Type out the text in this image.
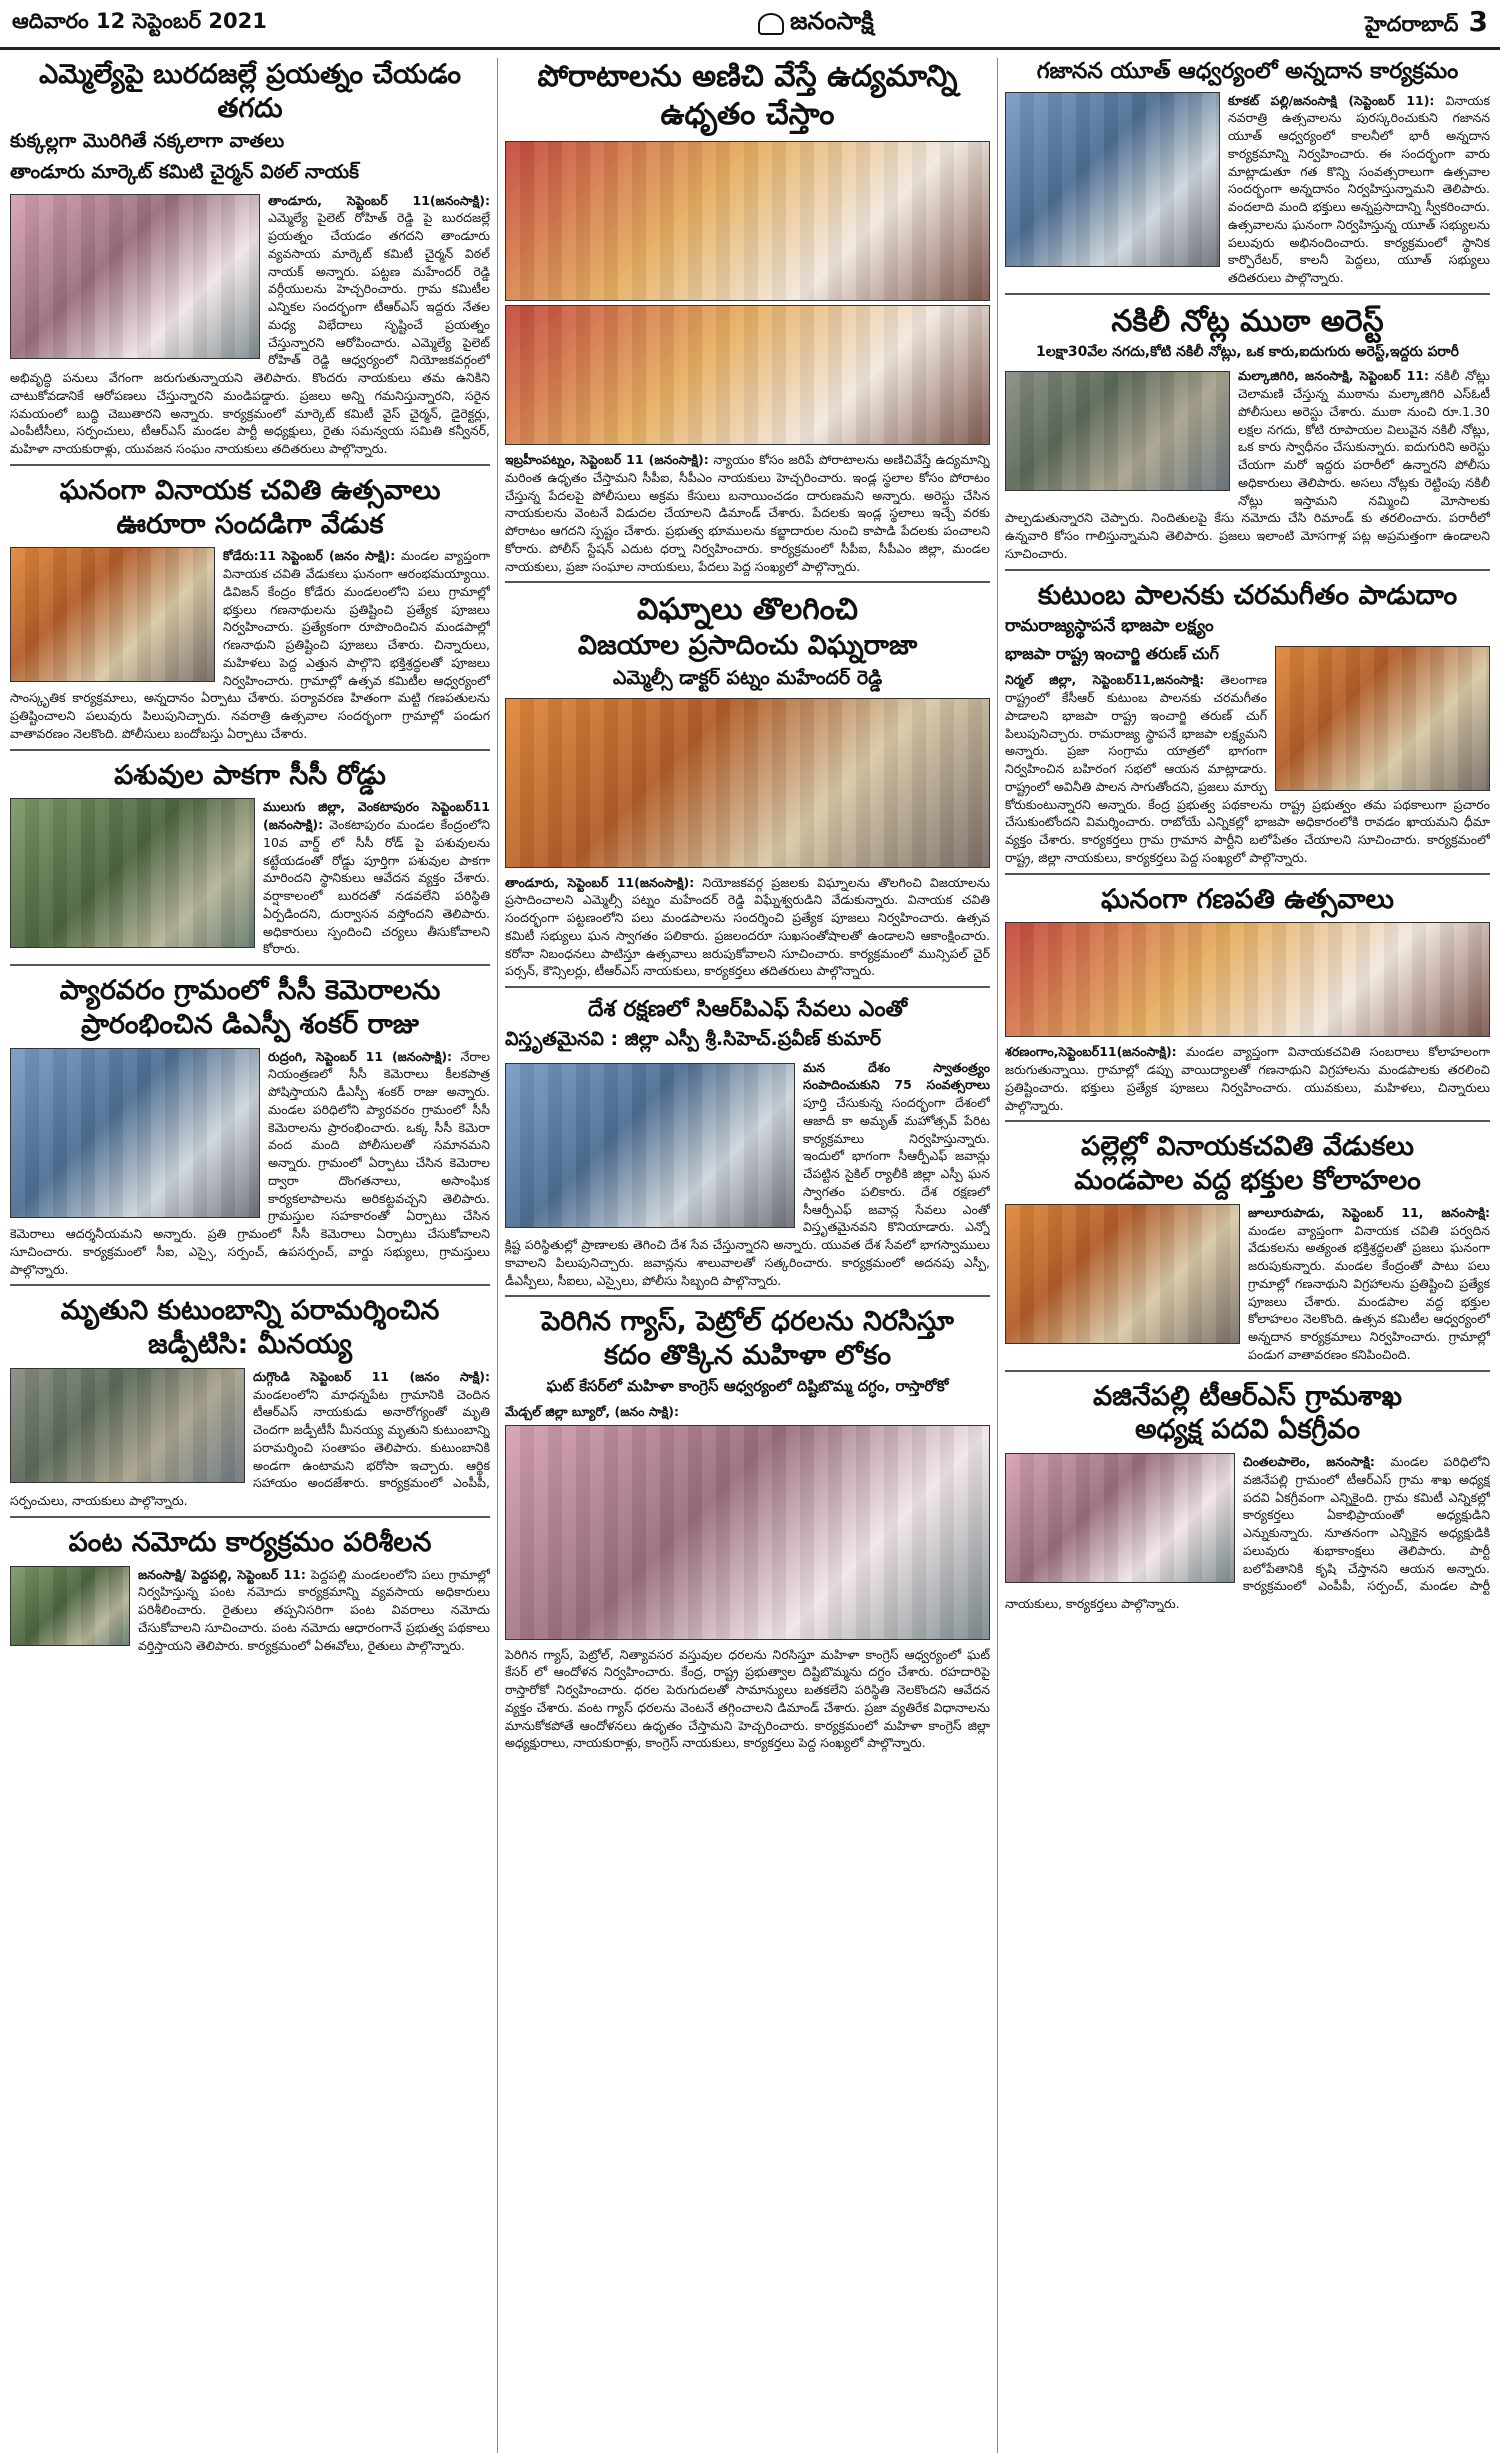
ఆదివారం 12 సెప్టెంబర్ 2021	జనంసాక్షి	హైదరాబాద్ 3
ఎమ్మెల్యేపై బురదజల్లే ప్రయత్నం చేయడం తగదు
కుక్కల్లగా మొరిగితే నక్కలాగా వాతలు
తాండూరు మార్కెట్ కమిటి చైర్మన్ విఠల్ నాయక్

తాండూరు, సెప్టెంబర్ 11(జనంసాక్షి): ఎమ్మెల్యే పైలెట్ రోహిత్ రెడ్డి పై బురదజల్లే ప్రయత్నం చేయడం తగదని తాండూరు వ్యవసాయ మార్కెట్ కమిటీ చైర్మన్ విఠల్ నాయక్ అన్నారు. పట్టణ మహేందర్ రెడ్డి వర్గీయులను హెచ్చరించారు. గ్రామ కమిటీల ఎన్నికల సందర్భంగా టీఆర్ఎస్ ఇద్దరు నేతల మధ్య విభేదాలు సృష్టించే ప్రయత్నం చేస్తున్నారని ఆరోపించారు. ఎమ్మెల్యే పైలెట్ రోహిత్ రెడ్డి ఆధ్వర్యంలో నియోజకవర్గంలో అభివృద్ధి పనులు వేగంగా జరుగుతున్నాయని తెలిపారు. కొందరు నాయకులు తమ ఉనికిని చాటుకోవడానికే ఆరోపణలు చేస్తున్నారని మండిపడ్డారు. ప్రజలు అన్ని గమనిస్తున్నారని, సరైన సమయంలో బుద్ధి చెబుతారని అన్నారు. కార్యక్రమంలో మార్కెట్ కమిటీ వైస్ చైర్మన్, డైరెక్టర్లు, ఎంపీటీసీలు, సర్పంచులు, టీఆర్ఎస్ మండల పార్టీ అధ్యక్షులు, రైతు సమన్వయ సమితి కన్వీనర్, మహిళా నాయకురాళ్లు, యువజన సంఘం నాయకులు తదితరులు పాల్గొన్నారు.

ఘనంగా వినాయక చవితి ఉత్సవాలు
ఊరూరా సందడిగా వేడుక

కోడేరు:11 సెప్టెంబర్ (జనం సాక్షి): మండల వ్యాప్తంగా వినాయక చవితి వేడుకలు ఘనంగా ఆరంభమయ్యాయి. డివిజన్ కేంద్రం కోడేరు మండలంలోని పలు గ్రామాల్లో భక్తులు గణనాథులను ప్రతిష్టించి ప్రత్యేక పూజలు నిర్వహించారు. ప్రత్యేకంగా రూపొందించిన మండపాల్లో గణనాథుని ప్రతిష్టించి పూజలు చేశారు. చిన్నారులు, మహిళలు పెద్ద ఎత్తున పాల్గొని భక్తిశ్రద్ధలతో పూజలు నిర్వహించారు. గ్రామాల్లో ఉత్సవ కమిటీల ఆధ్వర్యంలో సాంస్కృతిక కార్యక్రమాలు, అన్నదానం ఏర్పాటు చేశారు. పర్యావరణ హితంగా మట్టి గణపతులను ప్రతిష్టించాలని పలువురు పిలుపునిచ్చారు. నవరాత్రి ఉత్సవాల సందర్భంగా గ్రామాల్లో పండుగ వాతావరణం నెలకొంది. పోలీసులు బందోబస్తు ఏర్పాటు చేశారు.

పశువుల పాకగా సీసీ రోడ్డు

ములుగు జిల్లా, వెంకటాపురం సెప్టెంబర్11 (జనంసాక్షి): వెంకటాపురం మండల కేంద్రంలోని 10వ వార్డ్ లో సీసీ రోడ్ పై పశువులను కట్టేయడంతో రోడ్డు పూర్తిగా పశువుల పాకగా మారిందని స్థానికులు ఆవేదన వ్యక్తం చేశారు. వర్షాకాలంలో బురదతో నడవలేని పరిస్థితి ఏర్పడిందని, దుర్వాసన వస్తోందని తెలిపారు. అధికారులు స్పందించి చర్యలు తీసుకోవాలని కోరారు.

ప్యారవరం గ్రామంలో సీసీ కెమెరాలను
ప్రారంభించిన డిఎస్పీ శంకర్ రాజు

రుద్రంగి, సెప్టెంబర్ 11 (జనంసాక్షి): నేరాల నియంత్రణలో సీసీ కెమెరాలు కీలకపాత్ర పోషిస్తాయని డీఎస్పీ శంకర్ రాజు అన్నారు. మండల పరిధిలోని ప్యారవరం గ్రామంలో సీసీ కెమెరాలను ప్రారంభించారు. ఒక్క సీసీ కెమెరా వంద మంది పోలీసులతో సమానమని అన్నారు. గ్రామంలో ఏర్పాటు చేసిన కెమెరాల ద్వారా దొంగతనాలు, అసాంఘిక కార్యకలాపాలను అరికట్టవచ్చని తెలిపారు. గ్రామస్తుల సహకారంతో ఏర్పాటు చేసిన కెమెరాలు ఆదర్శనీయమని అన్నారు. ప్రతి గ్రామంలో సీసీ కెమెరాలు ఏర్పాటు చేసుకోవాలని సూచించారు. కార్యక్రమంలో సీఐ, ఎస్సై, సర్పంచ్, ఉపసర్పంచ్, వార్డు సభ్యులు, గ్రామస్తులు పాల్గొన్నారు.

మృతుని కుటుంబాన్ని పరామర్శించిన
జడ్పీటిసి: మీనయ్య

దుగ్గొండి సెప్టెంబర్ 11 (జనం సాక్షి): మండలంలోని మాధన్నపేట గ్రామానికి చెందిన టీఆర్ఎస్ నాయకుడు అనారోగ్యంతో మృతి చెందగా జడ్పీటీసీ మీనయ్య మృతుని కుటుంబాన్ని పరామర్శించి సంతాపం తెలిపారు. కుటుంబానికి అండగా ఉంటామని భరోసా ఇచ్చారు. ఆర్థిక సహాయం అందజేశారు. కార్యక్రమంలో ఎంపీపీ, సర్పంచులు, నాయకులు పాల్గొన్నారు.

పంట నమోదు కార్యక్రమం పరిశీలన

జనంసాక్షి/ పెద్దపల్లి, సెప్టెంబర్ 11: పెద్దపల్లి మండలంలోని పలు గ్రామాల్లో నిర్వహిస్తున్న పంట నమోదు కార్యక్రమాన్ని వ్యవసాయ అధికారులు పరిశీలించారు. రైతులు తప్పనిసరిగా పంట వివరాలు నమోదు చేసుకోవాలని సూచించారు. పంట నమోదు ఆధారంగానే ప్రభుత్వ పథకాలు వర్తిస్తాయని తెలిపారు. కార్యక్రమంలో ఏఈవోలు, రైతులు పాల్గొన్నారు.

పోరాటాలను అణిచి వేస్తే ఉద్యమాన్ని
ఉధృతం చేస్తాం

ఇబ్రహీంపట్నం, సెప్టెంబర్ 11 (జనంసాక్షి): న్యాయం కోసం జరిపే పోరాటాలను అణిచివేస్తే ఉద్యమాన్ని మరింత ఉధృతం చేస్తామని సీపీఐ, సీపీఎం నాయకులు హెచ్చరించారు. ఇండ్ల స్థలాల కోసం పోరాటం చేస్తున్న పేదలపై పోలీసులు అక్రమ కేసులు బనాయించడం దారుణమని అన్నారు. అరెస్టు చేసిన నాయకులను వెంటనే విడుదల చేయాలని డిమాండ్ చేశారు. పేదలకు ఇండ్ల స్థలాలు ఇచ్చే వరకు పోరాటం ఆగదని స్పష్టం చేశారు. ప్రభుత్వ భూములను కబ్జాదారుల నుంచి కాపాడి పేదలకు పంచాలని కోరారు. పోలీస్ స్టేషన్ ఎదుట ధర్నా నిర్వహించారు. కార్యక్రమంలో సీపీఐ, సీపీఎం జిల్లా, మండల నాయకులు, ప్రజా సంఘాల నాయకులు, పేదలు పెద్ద సంఖ్యలో పాల్గొన్నారు.

విఘ్నాలు తొలగించి
విజయాల ప్రసాదించు విఘ్నరాజా
ఎమ్మెల్సీ డాక్టర్ పట్నం మహేందర్ రెడ్డి

తాండూరు, సెప్టెంబర్ 11(జనంసాక్షి): నియోజకవర్గ ప్రజలకు విఘ్నాలను తొలగించి విజయాలను ప్రసాదించాలని ఎమ్మెల్సీ పట్నం మహేందర్ రెడ్డి విఘ్నేశ్వరుడిని వేడుకున్నారు. వినాయక చవితి సందర్భంగా పట్టణంలోని పలు మండపాలను సందర్శించి ప్రత్యేక పూజలు నిర్వహించారు. ఉత్సవ కమిటీ సభ్యులు ఘన స్వాగతం పలికారు. ప్రజలందరూ సుఖసంతోషాలతో ఉండాలని ఆకాంక్షించారు. కరోనా నిబంధనలు పాటిస్తూ ఉత్సవాలు జరుపుకోవాలని సూచించారు. కార్యక్రమంలో మున్సిపల్ చైర్ పర్సన్, కౌన్సిలర్లు, టీఆర్ఎస్ నాయకులు, కార్యకర్తలు తదితరులు పాల్గొన్నారు.

దేశ రక్షణలో సిఆర్‌పిఎఫ్ సేవలు ఎంతో
విస్తృతమైనవి : జిల్లా ఎస్పీ శ్రీ.సిహెచ్.ప్రవీణ్ కుమార్

మన దేశం స్వాతంత్ర్యం సంపాదించుకుని 75 సంవత్సరాలు పూర్తి చేసుకున్న సందర్భంగా దేశంలో ఆజాదీ కా అమృత్ మహోత్సవ్ పేరిట కార్యక్రమాలు నిర్వహిస్తున్నారు. ఇందులో భాగంగా సీఆర్పీఎఫ్ జవాన్లు చేపట్టిన సైకిల్ ర్యాలీకి జిల్లా ఎస్పీ ఘన స్వాగతం పలికారు. దేశ రక్షణలో సీఆర్పీఎఫ్ జవాన్ల సేవలు ఎంతో విస్తృతమైనవని కొనియాడారు. ఎన్నో క్లిష్ట పరిస్థితుల్లో ప్రాణాలకు తెగించి దేశ సేవ చేస్తున్నారని అన్నారు. యువత దేశ సేవలో భాగస్వాములు కావాలని పిలుపునిచ్చారు. జవాన్లను శాలువాలతో సత్కరించారు. కార్యక్రమంలో అదనపు ఎస్పీ, డీఎస్పీలు, సీఐలు, ఎస్సైలు, పోలీసు సిబ్బంది పాల్గొన్నారు.

పెరిగిన గ్యాస్, పెట్రోల్ ధరలను నిరసిస్తూ
కదం తొక్కిన మహిళా లోకం
ఘట్ కేసర్‌లో మహిళా కాంగ్రెస్ ఆధ్వర్యంలో దిష్టిబొమ్మ దగ్ధం, రాస్తారోకో

మేడ్చల్ జిల్లా బ్యూరో, (జనం సాక్షి):

పెరిగిన గ్యాస్, పెట్రోల్, నిత్యావసర వస్తువుల ధరలను నిరసిస్తూ మహిళా కాంగ్రెస్ ఆధ్వర్యంలో ఘట్ కేసర్ లో ఆందోళన నిర్వహించారు. కేంద్ర, రాష్ట్ర ప్రభుత్వాల దిష్టిబొమ్మను దగ్ధం చేశారు. రహదారిపై రాస్తారోకో నిర్వహించారు. ధరల పెరుగుదలతో సామాన్యులు బతకలేని పరిస్థితి నెలకొందని ఆవేదన వ్యక్తం చేశారు. వంట గ్యాస్ ధరలను వెంటనే తగ్గించాలని డిమాండ్ చేశారు. ప్రజా వ్యతిరేక విధానాలను మానుకోకపోతే ఆందోళనలు ఉధృతం చేస్తామని హెచ్చరించారు. కార్యక్రమంలో మహిళా కాంగ్రెస్ జిల్లా అధ్యక్షురాలు, నాయకురాళ్లు, కాంగ్రెస్ నాయకులు, కార్యకర్తలు పెద్ద సంఖ్యలో పాల్గొన్నారు.

గజానన యూత్ ఆధ్వర్యంలో అన్నదాన కార్యక్రమం

కూకట్ పల్లి/జనంసాక్షి (సెప్టెంబర్ 11): వినాయక నవరాత్రి ఉత్సవాలను పురస్కరించుకుని గజానన యూత్ ఆధ్వర్యంలో కాలనీలో భారీ అన్నదాన కార్యక్రమాన్ని నిర్వహించారు. ఈ సందర్భంగా వారు మాట్లాడుతూ గత కొన్ని సంవత్సరాలుగా ఉత్సవాల సందర్భంగా అన్నదానం నిర్వహిస్తున్నామని తెలిపారు. వందలాది మంది భక్తులు అన్నప్రసాదాన్ని స్వీకరించారు. ఉత్సవాలను ఘనంగా నిర్వహిస్తున్న యూత్ సభ్యులను పలువురు అభినందించారు. కార్యక్రమంలో స్థానిక కార్పొరేటర్, కాలనీ పెద్దలు, యూత్ సభ్యులు తదితరులు పాల్గొన్నారు.

నకిలీ నోట్ల ముఠా అరెస్ట్
1లక్షా30వేల నగదు,కోటి నకిలీ నోట్లు, ఒక కారు,ఐదుగురు అరెస్ట్,ఇద్దరు పరారీ

మల్కాజిగిరి, జనంసాక్షి, సెప్టెంబర్ 11: నకిలీ నోట్లు చెలామణి చేస్తున్న ముఠాను మల్కాజిగిరి ఎస్ఓటీ పోలీసులు అరెస్టు చేశారు. ముఠా నుంచి రూ.1.30 లక్షల నగదు, కోటి రూపాయల విలువైన నకిలీ నోట్లు, ఒక కారు స్వాధీనం చేసుకున్నారు. ఐదుగురిని అరెస్టు చేయగా మరో ఇద్దరు పరారీలో ఉన్నారని పోలీసు అధికారులు తెలిపారు. అసలు నోట్లకు రెట్టింపు నకిలీ నోట్లు ఇస్తామని నమ్మించి మోసాలకు పాల్పడుతున్నారని చెప్పారు. నిందితులపై కేసు నమోదు చేసి రిమాండ్ కు తరలించారు. పరారీలో ఉన్నవారి కోసం గాలిస్తున్నామని తెలిపారు. ప్రజలు ఇలాంటి మోసగాళ్ల పట్ల అప్రమత్తంగా ఉండాలని సూచించారు.

కుటుంబ పాలనకు చరమగీతం పాడుదాం
రామరాజ్యస్థాపనే భాజపా లక్ష్యం
భాజపా రాష్ట్ర ఇంచార్జి తరుణ్ చుగ్

నిర్మల్ జిల్లా, సెప్టెంబర్11,జనంసాక్షి: తెలంగాణ రాష్ట్రంలో కేసీఆర్ కుటుంబ పాలనకు చరమగీతం పాడాలని భాజపా రాష్ట్ర ఇంచార్జి తరుణ్ చుగ్ పిలుపునిచ్చారు. రామరాజ్య స్థాపనే భాజపా లక్ష్యమని అన్నారు. ప్రజా సంగ్రామ యాత్రలో భాగంగా నిర్వహించిన బహిరంగ సభలో ఆయన మాట్లాడారు. రాష్ట్రంలో అవినీతి పాలన సాగుతోందని, ప్రజలు మార్పు కోరుకుంటున్నారని అన్నారు. కేంద్ర ప్రభుత్వ పథకాలను రాష్ట్ర ప్రభుత్వం తమ పథకాలుగా ప్రచారం చేసుకుంటోందని విమర్శించారు. రాబోయే ఎన్నికల్లో భాజపా అధికారంలోకి రావడం ఖాయమని ధీమా వ్యక్తం చేశారు. కార్యకర్తలు గ్రామ గ్రామాన పార్టీని బలోపేతం చేయాలని సూచించారు. కార్యక్రమంలో రాష్ట్ర, జిల్లా నాయకులు, కార్యకర్తలు పెద్ద సంఖ్యలో పాల్గొన్నారు.

ఘనంగా గణపతి ఉత్సవాలు

శరణంగాం,సెప్టెంబర్11(జనంసాక్షి): మండల వ్యాప్తంగా వినాయకచవితి సంబరాలు కోలాహలంగా జరుగుతున్నాయి. గ్రామాల్లో డప్పు వాయిద్యాలతో గణనాథుని విగ్రహాలను మండపాలకు తరలించి ప్రతిష్టించారు. భక్తులు ప్రత్యేక పూజలు నిర్వహించారు. యువకులు, మహిళలు, చిన్నారులు పాల్గొన్నారు.

పల్లెల్లో వినాయకచవితి వేడుకలు
మండపాల వద్ద భక్తుల కోలాహలం

జూలూరుపాడు, సెప్టెంబర్ 11, జనంసాక్షి: మండల వ్యాప్తంగా వినాయక చవితి పర్వదిన వేడుకలను అత్యంత భక్తిశ్రద్ధలతో ప్రజలు ఘనంగా జరుపుకున్నారు. మండల కేంద్రంతో పాటు పలు గ్రామాల్లో గణనాథుని విగ్రహాలను ప్రతిష్టించి ప్రత్యేక పూజలు చేశారు. మండపాల వద్ద భక్తుల కోలాహలం నెలకొంది. ఉత్సవ కమిటీల ఆధ్వర్యంలో అన్నదాన కార్యక్రమాలు నిర్వహించారు. గ్రామాల్లో పండుగ వాతావరణం కనిపించింది.

వజినేపల్లి టీఆర్ఎస్ గ్రామశాఖ
అధ్యక్ష పదవి ఏకగ్రీవం

చింతలపాలెం, జనంసాక్షి: మండల పరిధిలోని వజినేపల్లి గ్రామంలో టీఆర్ఎస్ గ్రామ శాఖ అధ్యక్ష పదవి ఏకగ్రీవంగా ఎన్నికైంది. గ్రామ కమిటీ ఎన్నికల్లో కార్యకర్తలు ఏకాభిప్రాయంతో అధ్యక్షుడిని ఎన్నుకున్నారు. నూతనంగా ఎన్నికైన అధ్యక్షుడికి పలువురు శుభాకాంక్షలు తెలిపారు. పార్టీ బలోపేతానికి కృషి చేస్తానని ఆయన అన్నారు. కార్యక్రమంలో ఎంపీపీ, సర్పంచ్, మండల పార్టీ నాయకులు, కార్యకర్తలు పాల్గొన్నారు.
